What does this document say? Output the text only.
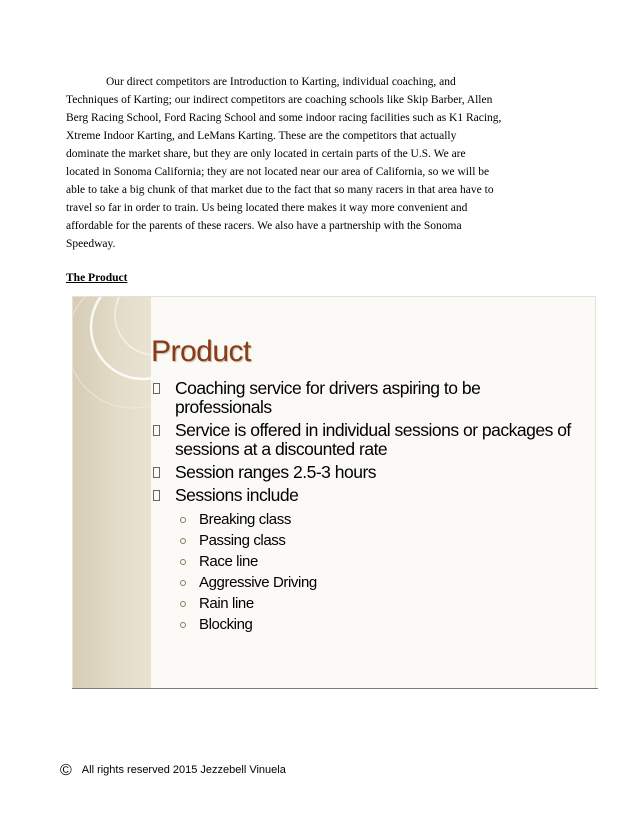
Our direct competitors are Introduction to Karting, individual coaching, and
Techniques of Karting; our indirect competitors are coaching schools like Skip Barber, Allen
Berg Racing School, Ford Racing School and some indoor racing facilities such as K1 Racing,
Xtreme Indoor Karting, and LeMans Karting. These are the competitors that actually
dominate the market share, but they are only located in certain parts of the U.S. We are
located in Sonoma California; they are not located near our area of California, so we will be
able to take a big chunk of that market due to the fact that so many racers in that area have to
travel so far in order to train. Us being located there makes it way more convenient and
affordable for the parents of these racers. We also have a partnership with the Sonoma
Speedway.
The Product
Product
Coaching service for drivers aspiring to be professionals
Service is offered in individual sessions or packages of sessions at a discounted rate
Session ranges 2.5-3 hours
Sessions include
Breaking class
Passing class
Race line
Aggressive Driving
Rain line
Blocking
© All rights reserved 2015 Jezzebell Vinuela
